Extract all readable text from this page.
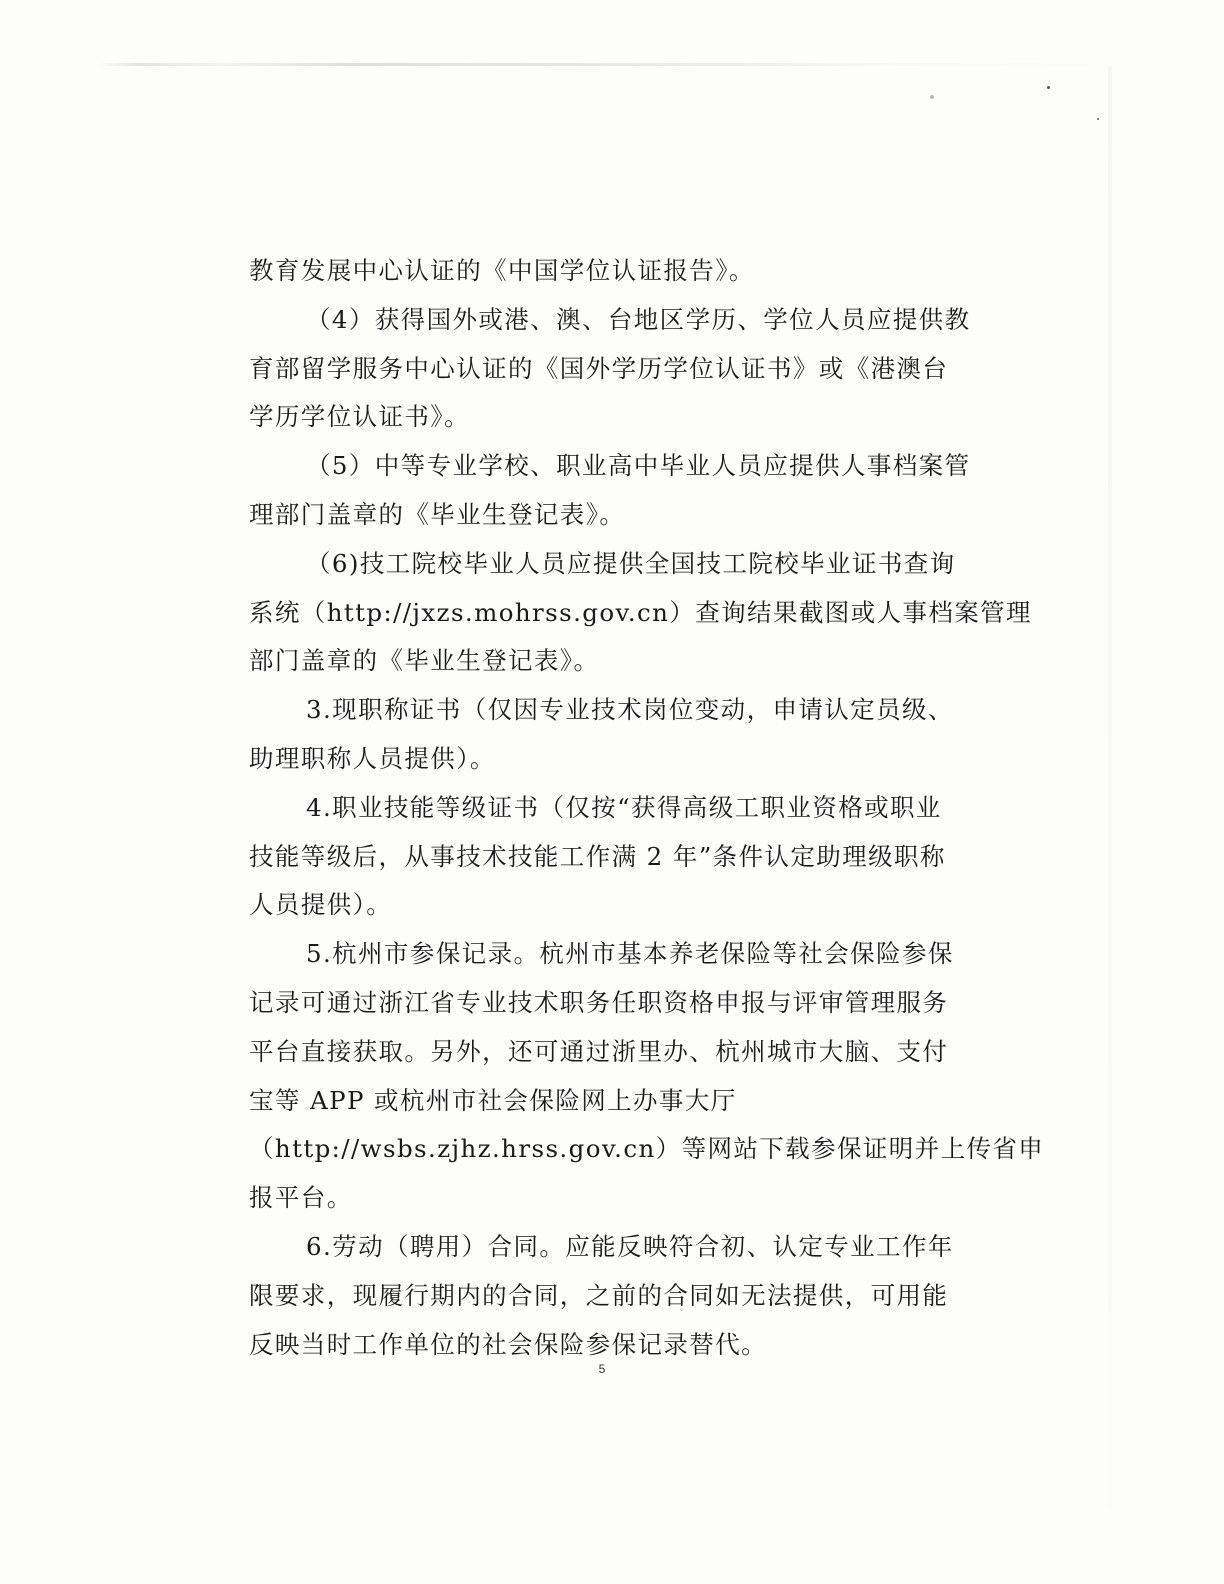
教育发展中心认证的《中国学位认证报告》。
（4）获得国外或港、澳、台地区学历、学位人员应提供教
育部留学服务中心认证的《国外学历学位认证书》或《港澳台
学历学位认证书》。
（5）中等专业学校、职业高中毕业人员应提供人事档案管
理部门盖章的《毕业生登记表》。
（6)技工院校毕业人员应提供全国技工院校毕业证书查询
系统（http://jxzs.mohrss.gov.cn）查询结果截图或人事档案管理
部门盖章的《毕业生登记表》。
3.现职称证书（仅因专业技术岗位变动，申请认定员级、
助理职称人员提供）。
4.职业技能等级证书（仅按“获得高级工职业资格或职业
技能等级后，从事技术技能工作满 2 年”条件认定助理级职称
人员提供）。
5.杭州市参保记录。杭州市基本养老保险等社会保险参保
记录可通过浙江省专业技术职务任职资格申报与评审管理服务
平台直接获取。另外，还可通过浙里办、杭州城市大脑、支付
宝等 APP 或杭州市社会保险网上办事大厅
（http://wsbs.zjhz.hrss.gov.cn）等网站下载参保证明并上传省申
报平台。
6.劳动（聘用）合同。应能反映符合初、认定专业工作年
限要求，现履行期内的合同，之前的合同如无法提供，可用能
反映当时工作单位的社会保险参保记录替代。
5
